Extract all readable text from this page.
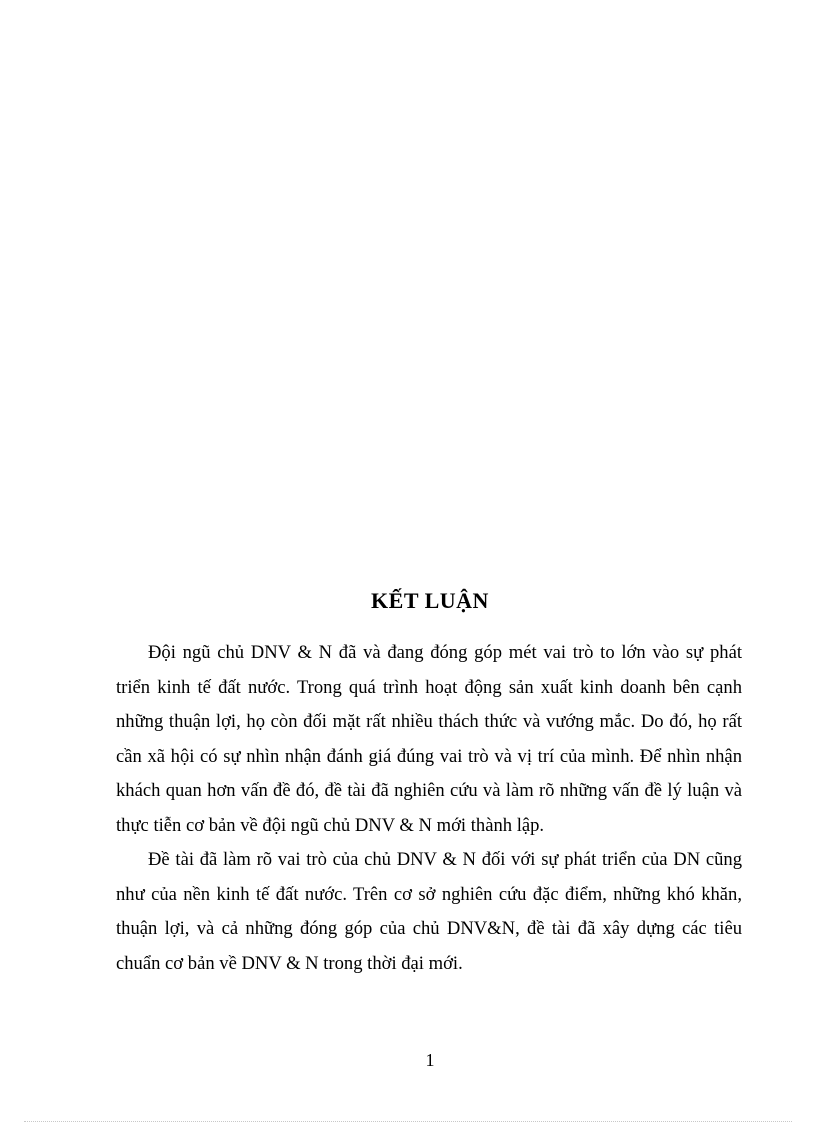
KẾT LUẬN

Đội ngũ chủ DNV & N đã và đang đóng góp mét vai trò to lớn vào sự phát triển kinh tế đất nước. Trong quá trình hoạt động sản xuất kinh doanh bên cạnh những thuận lợi, họ còn đối mặt rất nhiều thách thức và vướng mắc. Do đó, họ rất cần xã hội có sự nhìn nhận đánh giá đúng vai trò và vị trí của mình. Để nhìn nhận khách quan hơn vấn đề đó, đề tài đã nghiên cứu và làm rõ những vấn đề lý luận và thực tiễn cơ bản về đội ngũ chủ DNV & N mới thành lập.

Đề tài đã làm rõ vai trò của chủ DNV & N đối với sự phát triển của DN cũng như của nền kinh tế đất nước. Trên cơ sở nghiên cứu đặc điểm, những khó khăn, thuận lợi, và cả những đóng góp của chủ DNV&N, đề tài đã xây dựng các tiêu chuẩn cơ bản về DNV & N trong thời đại mới.

1
